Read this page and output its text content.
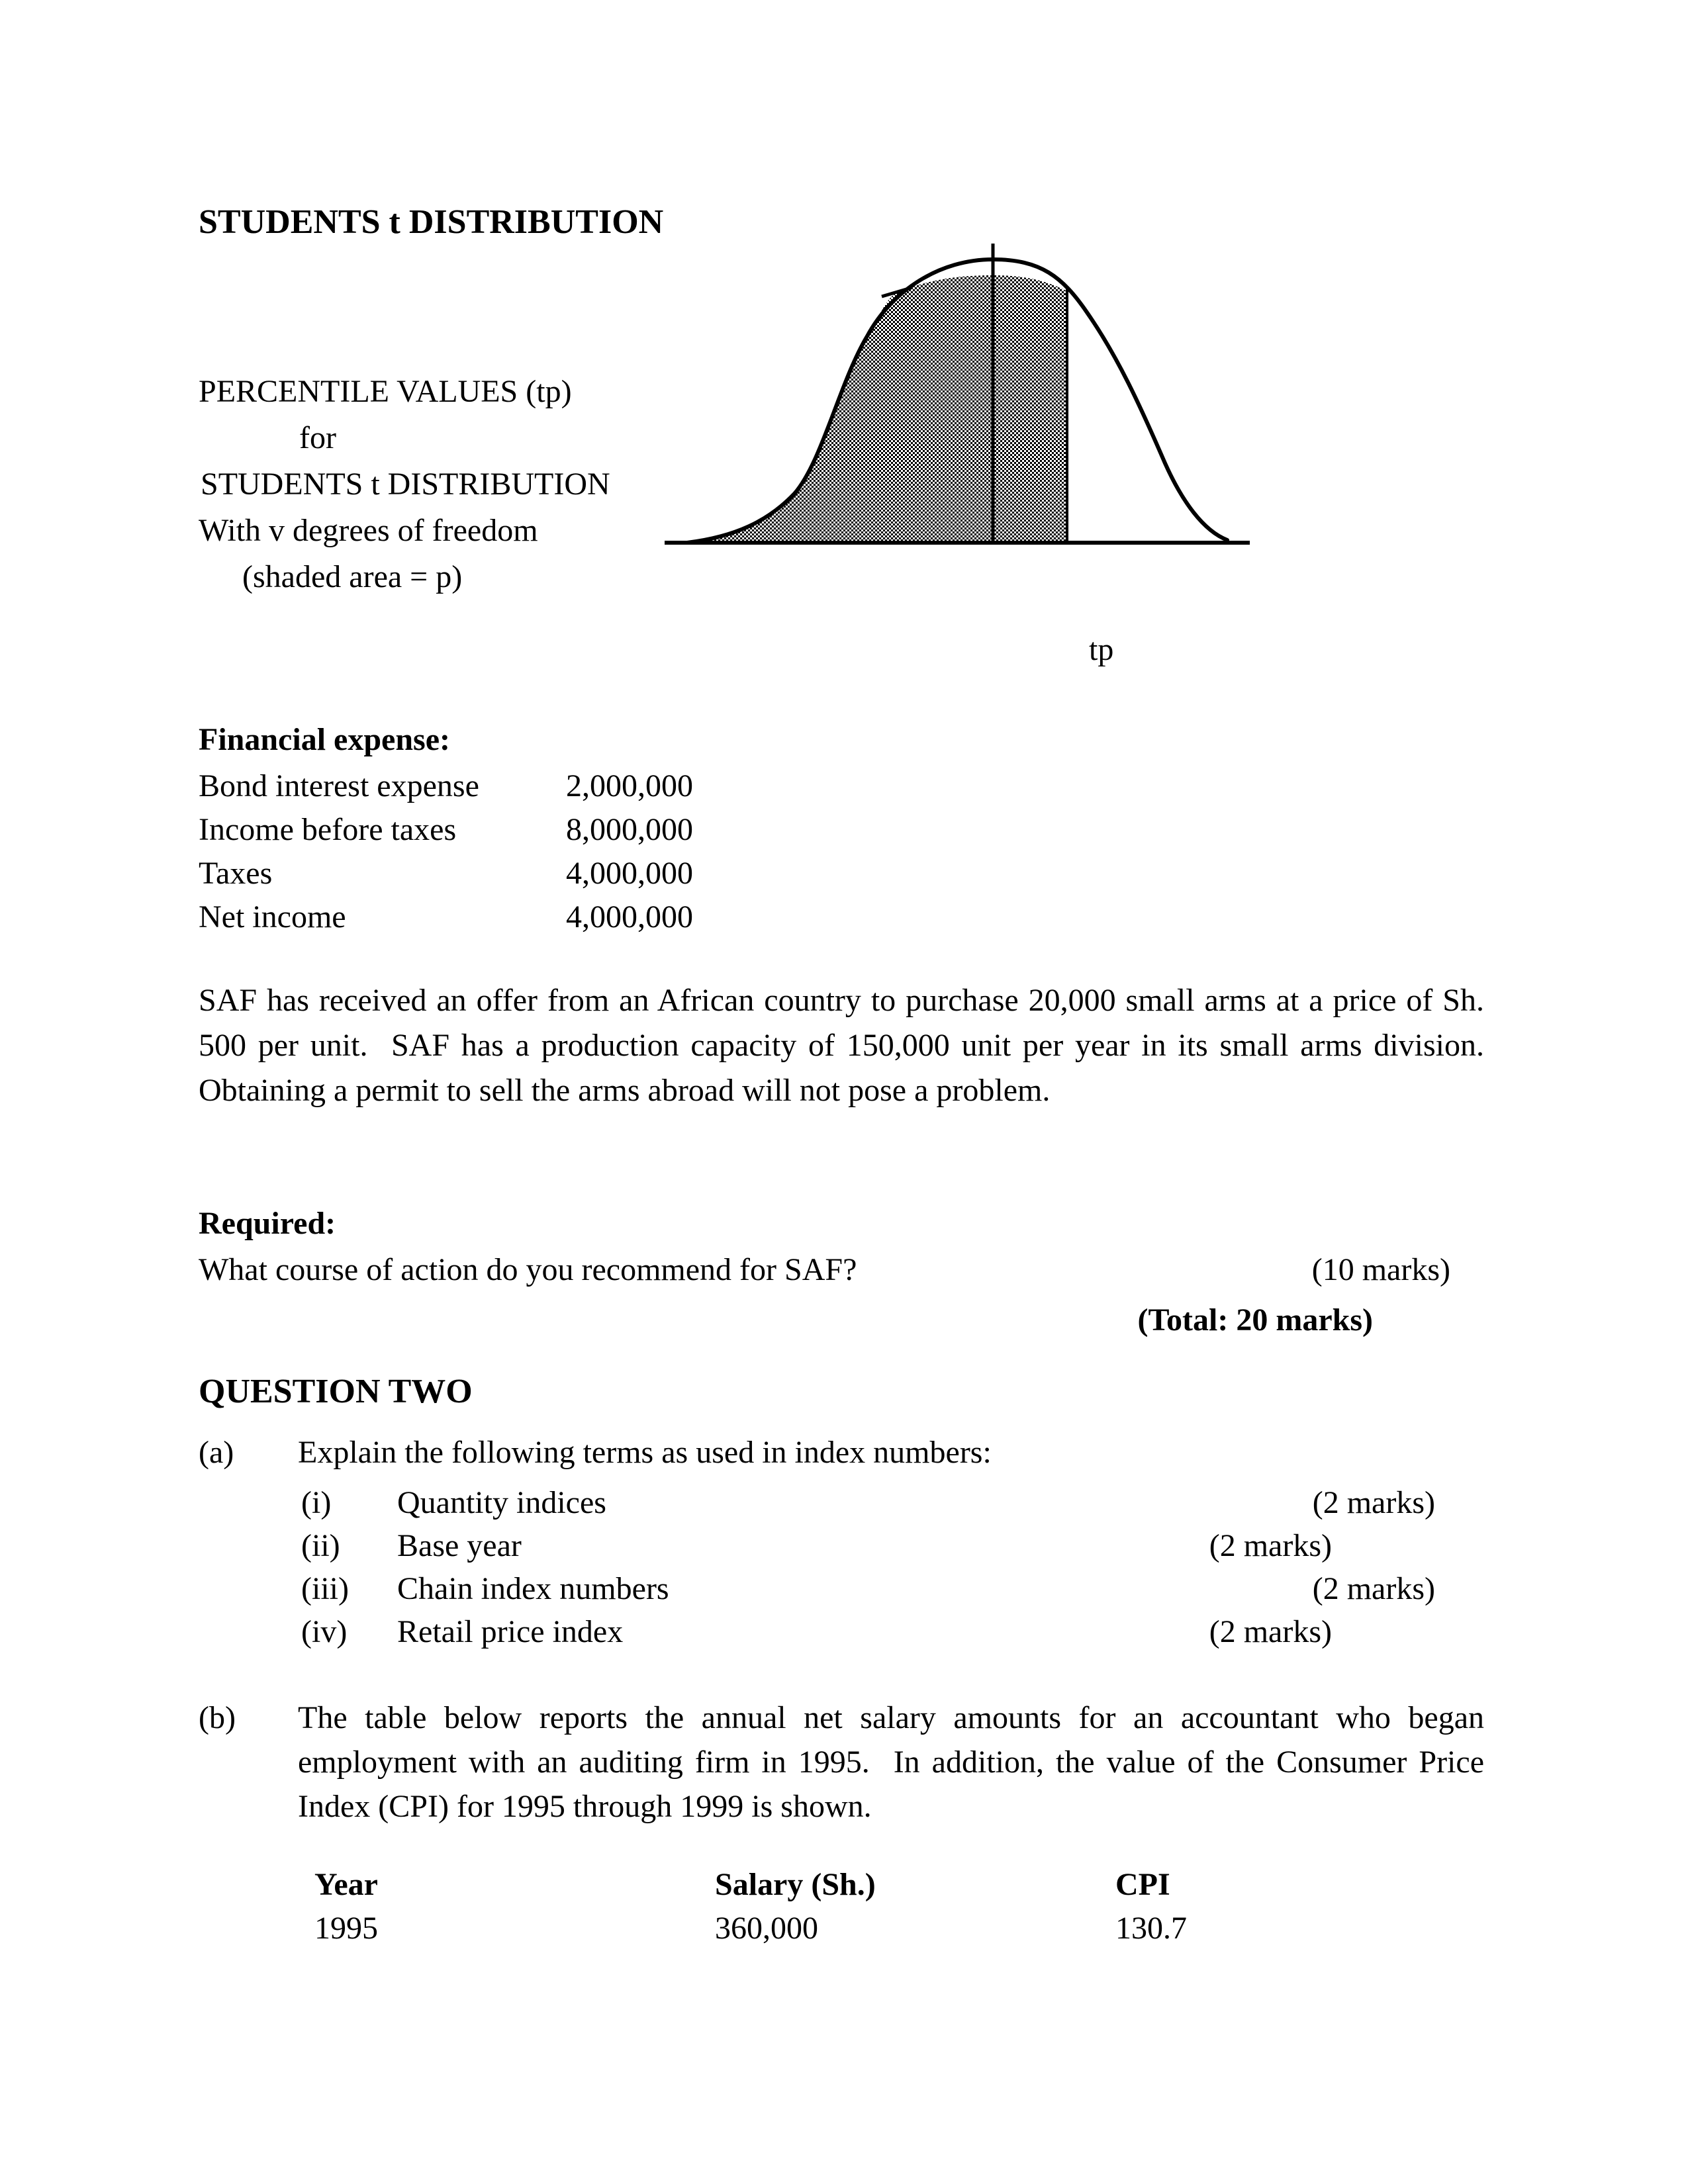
STUDENTS t DISTRIBUTION
PERCENTILE VALUES (tp)
for
STUDENTS t DISTRIBUTION
With v degrees of freedom
(shaded area = p)
tp
Financial expense:
Bond interest expense	2,000,000
Income before taxes	8,000,000
Taxes	4,000,000
Net income	4,000,000
SAF has received an offer from an African country to purchase 20,000 small arms at a price of Sh. 500 per unit.  SAF has a production capacity of 150,000 unit per year in its small arms division.  Obtaining a permit to sell the arms abroad will not pose a problem.
Required:
What course of action do you recommend for SAF?	(10 marks)
(Total: 20 marks)
QUESTION TWO
(a)	Explain the following terms as used in index numbers:
(i)	Quantity indices	(2 marks)
(ii)	Base year	(2 marks)
(iii)	Chain index numbers	(2 marks)
(iv)	Retail price index	(2 marks)
(b)	The table below reports the annual net salary amounts for an accountant who began employment with an auditing firm in 1995.  In addition, the value of the Consumer Price Index (CPI) for 1995 through 1999 is shown.
Year	Salary (Sh.)	CPI
1995	360,000	130.7
